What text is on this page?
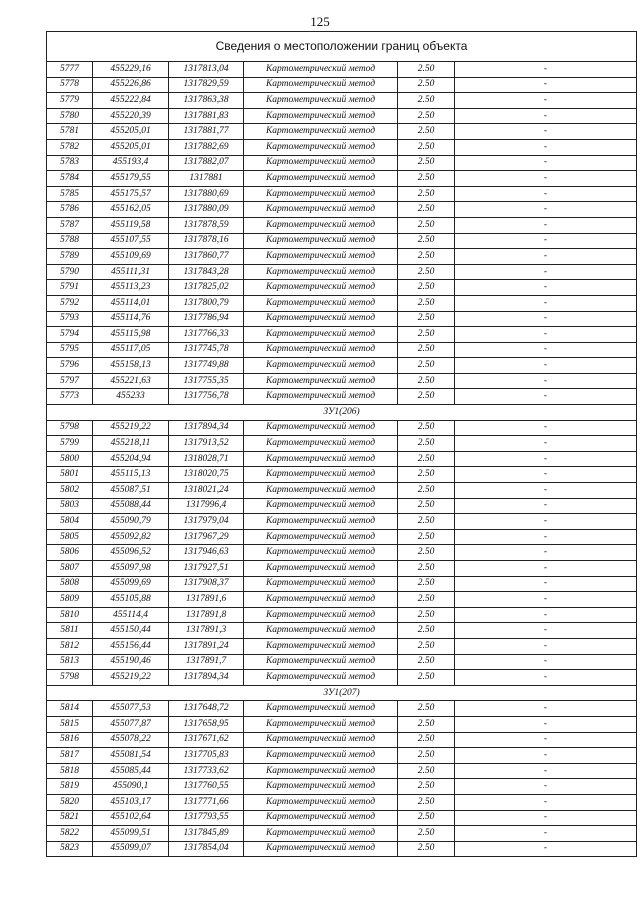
125
Сведения о местоположении границ объекта					
5777	455229,16	1317813,04	Картометрический метод	2.50	-
5778	455226,86	1317829,59	Картометрический метод	2.50	-
5779	455222,84	1317863,38	Картометрический метод	2.50	-
5780	455220,39	1317881,83	Картометрический метод	2.50	-
5781	455205,01	1317881,77	Картометрический метод	2.50	-
5782	455205,01	1317882,69	Картометрический метод	2.50	-
5783	455193,4	1317882,07	Картометрический метод	2.50	-
5784	455179,55	1317881	Картометрический метод	2.50	-
5785	455175,57	1317880,69	Картометрический метод	2.50	-
5786	455162,05	1317880,09	Картометрический метод	2.50	-
5787	455119,58	1317878,59	Картометрический метод	2.50	-
5788	455107,55	1317878,16	Картометрический метод	2.50	-
5789	455109,69	1317860,77	Картометрический метод	2.50	-
5790	455111,31	1317843,28	Картометрический метод	2.50	-
5791	455113,23	1317825,02	Картометрический метод	2.50	-
5792	455114,01	1317800,79	Картометрический метод	2.50	-
5793	455114,76	1317786,94	Картометрический метод	2.50	-
5794	455115,98	1317766,33	Картометрический метод	2.50	-
5795	455117,05	1317745,78	Картометрический метод	2.50	-
5796	455158,13	1317749,88	Картометрический метод	2.50	-
5797	455221,63	1317755,35	Картометрический метод	2.50	-
5773	455233	1317756,78	Картометрический метод	2.50	-
ЗУ1(206)					
5798	455219,22	1317894,34	Картометрический метод	2.50	-
5799	455218,11	1317913,52	Картометрический метод	2.50	-
5800	455204,94	1318028,71	Картометрический метод	2.50	-
5801	455115,13	1318020,75	Картометрический метод	2.50	-
5802	455087,51	1318021,24	Картометрический метод	2.50	-
5803	455088,44	1317996,4	Картометрический метод	2.50	-
5804	455090,79	1317979,04	Картометрический метод	2.50	-
5805	455092,82	1317967,29	Картометрический метод	2.50	-
5806	455096,52	1317946,63	Картометрический метод	2.50	-
5807	455097,98	1317927,51	Картометрический метод	2.50	-
5808	455099,69	1317908,37	Картометрический метод	2.50	-
5809	455105,88	1317891,6	Картометрический метод	2.50	-
5810	455114,4	1317891,8	Картометрический метод	2.50	-
5811	455150,44	1317891,3	Картометрический метод	2.50	-
5812	455156,44	1317891,24	Картометрический метод	2.50	-
5813	455190,46	1317891,7	Картометрический метод	2.50	-
5798	455219,22	1317894,34	Картометрический метод	2.50	-
ЗУ1(207)					
5814	455077,53	1317648,72	Картометрический метод	2.50	-
5815	455077,87	1317658,95	Картометрический метод	2.50	-
5816	455078,22	1317671,62	Картометрический метод	2.50	-
5817	455081,54	1317705,83	Картометрический метод	2.50	-
5818	455085,44	1317733,62	Картометрический метод	2.50	-
5819	455090,1	1317760,55	Картометрический метод	2.50	-
5820	455103,17	1317771,66	Картометрический метод	2.50	-
5821	455102,64	1317793,55	Картометрический метод	2.50	-
5822	455099,51	1317845,89	Картометрический метод	2.50	-
5823	455099,07	1317854,04	Картометрический метод	2.50	-
